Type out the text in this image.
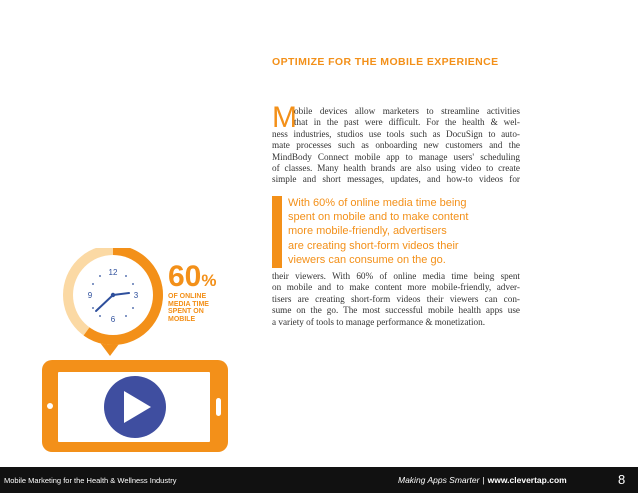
OPTIMIZE FOR THE MOBILE EXPERIENCE
M
obile devices allow marketers to streamline activities
that in the past were difficult. For the health & wel-
ness industries, studios use tools such as DocuSign to auto-
mate processes such as onboarding new customers and the
MindBody Connect mobile app to manage users' scheduling
of classes. Many health brands are also using video to create
simple and short messages, updates, and how-to videos for
With 60% of online media time being
spent on mobile and to make content
more mobile-friendly, advertisers
are creating short-form videos their
viewers can consume on the go.
their viewers. With 60% of online media time being spent
on mobile and to make content more mobile-friendly, adver-
tisers are creating short-form videos their viewers can con-
sume on the go. The most successful mobile health apps use
a variety of tools to manage performance & monetization.
60%
OF ONLINE
MEDIA TIME
SPENT ON
MOBILE
12
3
6
9
Mobile Marketing for the Health & Wellness Industry	Making Apps Smarter | www.clevertap.com	8
